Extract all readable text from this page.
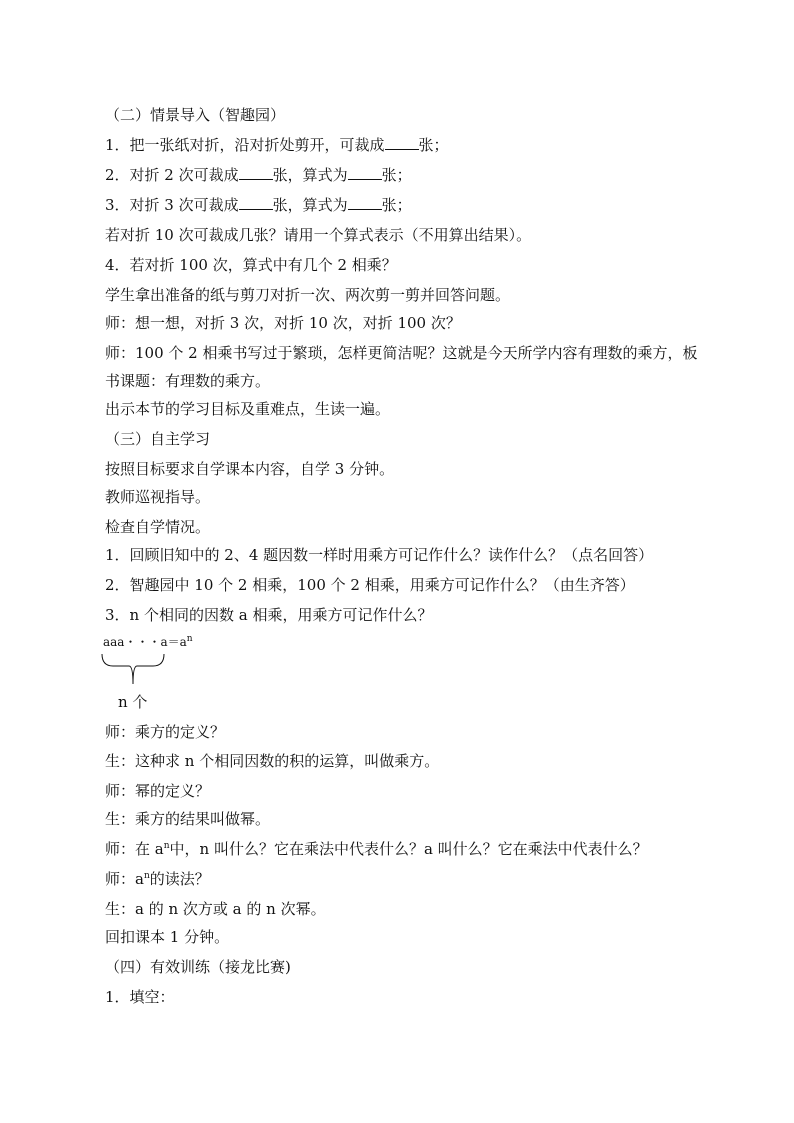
（二）情景导入（智趣园）
1．把一张纸对折，沿对折处剪开，可裁成 张；
2．对折 2 次可裁成 张，算式为 张；
3．对折 3 次可裁成 张，算式为 张；
若对折 10 次可裁成几张？请用一个算式表示（不用算出结果）。
4．若对折 100 次，算式中有几个 2 相乘？
学生拿出准备的纸与剪刀对折一次、两次剪一剪并回答问题。
师：想一想，对折 3 次，对折 10 次，对折 100 次？
师：100 个 2 相乘书写过于繁琐，怎样更简洁呢？这就是今天所学内容有理数的乘方，板
书课题：有理数的乘方。
出示本节的学习目标及重难点，生读一遍。
（三）自主学习
按照目标要求自学课本内容，自学 3 分钟。
教师巡视指导。
检查自学情况。
1．回顾旧知中的 2、4 题因数一样时用乘方可记作什么？读作什么？（点名回答）
2．智趣园中 10 个 2 相乘，100 个 2 相乘，用乘方可记作什么？（由生齐答）
3．n 个相同的因数 a 相乘，用乘方可记作什么？
aaa・・・$a=a^n$
n 个
师：乘方的定义？
生：这种求 n 个相同因数的积的运算，叫做乘方。
师：幂的定义？
生：乘方的结果叫做幂。
师：在 $a^n$中，n 叫什么？它在乘法中代表什么？a 叫什么？它在乘法中代表什么？
师：$a^n$的读法？
生：a 的 n 次方或 a 的 n 次幂。
回扣课本 1 分钟。
（四）有效训练（接龙比赛)
1．填空：
